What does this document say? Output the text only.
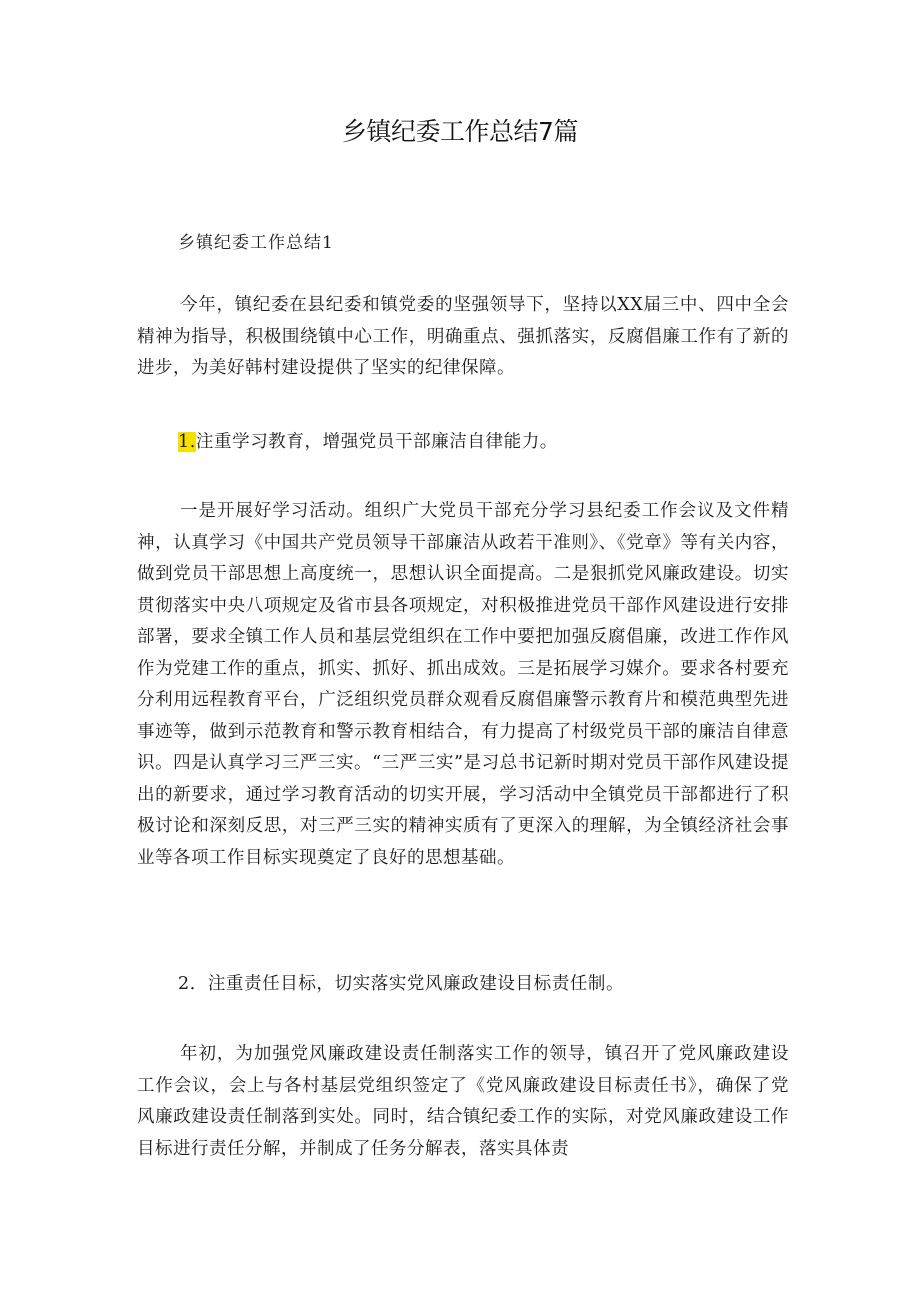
乡镇纪委工作总结7篇

乡镇纪委工作总结1

今年，镇纪委在县纪委和镇党委的坚强领导下，坚持以XX届三中、四中全会精神为指导，积极围绕镇中心工作，明确重点、强抓落实，反腐倡廉工作有了新的进步，为美好韩村建设提供了坚实的纪律保障。

1.注重学习教育，增强党员干部廉洁自律能力。

一是开展好学习活动。组织广大党员干部充分学习县纪委工作会议及文件精神，认真学习《中国共产党员领导干部廉洁从政若干准则》、《党章》等有关内容，做到党员干部思想上高度统一，思想认识全面提高。二是狠抓党风廉政建设。切实贯彻落实中央八项规定及省市县各项规定，对积极推进党员干部作风建设进行安排部署，要求全镇工作人员和基层党组织在工作中要把加强反腐倡廉，改进工作作风作为党建工作的重点，抓实、抓好、抓出成效。三是拓展学习媒介。要求各村要充分利用远程教育平台，广泛组织党员群众观看反腐倡廉警示教育片和模范典型先进事迹等，做到示范教育和警示教育相结合，有力提高了村级党员干部的廉洁自律意识。四是认真学习三严三实。“三严三实”是习总书记新时期对党员干部作风建设提出的新要求，通过学习教育活动的切实开展，学习活动中全镇党员干部都进行了积极讨论和深刻反思，对三严三实的精神实质有了更深入的理解，为全镇经济社会事业等各项工作目标实现奠定了良好的思想基础。

2．注重责任目标，切实落实党风廉政建设目标责任制。

年初，为加强党风廉政建设责任制落实工作的领导，镇召开了党风廉政建设工作会议，会上与各村基层党组织签定了《党风廉政建设目标责任书》，确保了党风廉政建设责任制落到实处。同时，结合镇纪委工作的实际，对党风廉政建设工作目标进行责任分解，并制成了任务分解表，落实具体责
